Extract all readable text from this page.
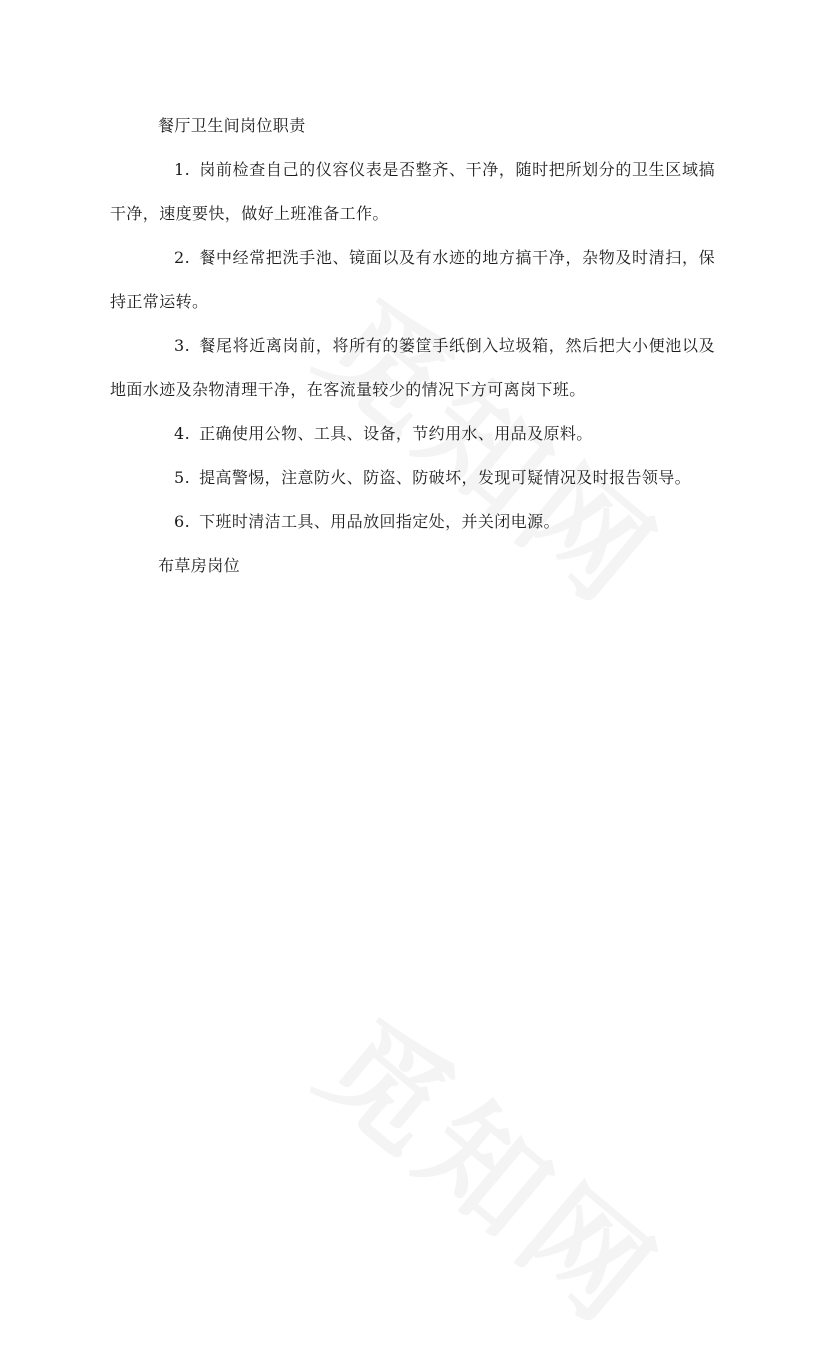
餐厅卫生间岗位职责

1. 岗前检查自己的仪容仪表是否整齐、干净，随时把所划分的卫生区域搞干净，速度要快，做好上班准备工作。

2. 餐中经常把洗手池、镜面以及有水迹的地方搞干净，杂物及时清扫，保持正常运转。

3. 餐尾将近离岗前，将所有的篓筐手纸倒入垃圾箱，然后把大小便池以及地面水迹及杂物清理干净，在客流量较少的情况下方可离岗下班。

4. 正确使用公物、工具、设备，节约用水、用品及原料。

5. 提高警惕，注意防火、防盗、防破坏，发现可疑情况及时报告领导。

6. 下班时清洁工具、用品放回指定处，并关闭电源。

布草房岗位
